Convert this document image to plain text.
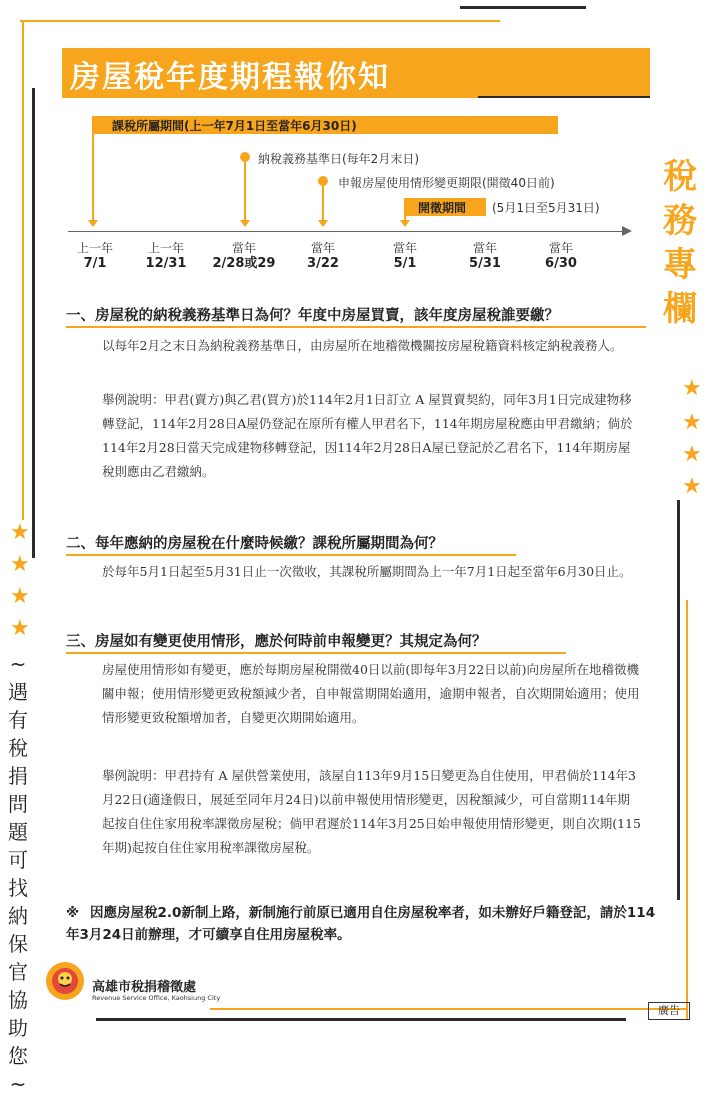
房屋稅年度期程報你知
課稅所屬期間(上一年7月1日至當年6月30日)
納稅義務基準日(每年2月末日)
申報房屋使用情形變更期限(開徵40日前)
開徵期間 (5月1日至5月31日)
上一年
7/1
上一年
12/31
當年
2/28或29
當年
3/22
當年
5/1
當年
5/31
當年
6/30
稅
務
專
欄
★
★
★
★
★
★
★
★
~
遇
有
稅
捐
問
題
可
找
納
保
官
協
助
您
~
一、房屋稅的納稅義務基準日為何？年度中房屋買賣，該年度房屋稅誰要繳？
以每年2月之末日為納稅義務基準日，由房屋所在地稽徵機關按房屋稅籍資料核定納稅義務人。
舉例說明：甲君(賣方)與乙君(買方)於114年2月1日訂立 A 屋買賣契約，同年3月1日完成建物移轉登記，114年2月28日A屋仍登記在原所有權人甲君名下，114年期房屋稅應由甲君繳納；倘於114年2月28日當天完成建物移轉登記，因114年2月28日A屋已登記於乙君名下，114年期房屋稅則應由乙君繳納。
二、每年應納的房屋稅在什麼時候繳？課稅所屬期間為何？
於每年5月1日起至5月31日止一次徵收，其課稅所屬期間為上一年7月1日起至當年6月30日止。
三、房屋如有變更使用情形，應於何時前申報變更？其規定為何？
房屋使用情形如有變更，應於每期房屋稅開徵40日以前(即每年3月22日以前)向房屋所在地稽徵機關申報；使用情形變更致稅額減少者，自申報當期開始適用，逾期申報者，自次期開始適用；使用情形變更致稅額增加者，自變更次期開始適用。
舉例說明：甲君持有 A 屋供營業使用，該屋自113年9月15日變更為自住使用，甲君倘於114年3月22日(適逢假日，展延至同年月24日)以前申報使用情形變更，因稅額減少，可自當期114年期起按自住住家用稅率課徵房屋稅；倘甲君遲於114年3月25日始申報使用情形變更，則自次期(115年期)起按自住住家用稅率課徵房屋稅。
※ 因應房屋稅2.0新制上路，新制施行前原已適用自住房屋稅率者，如未辦好戶籍登記，請於114年3月24日前辦理，才可續享自住用房屋稅率。
高雄市稅捐稽徵處
Revenue Service Office, Kaohsiung City
廣告
